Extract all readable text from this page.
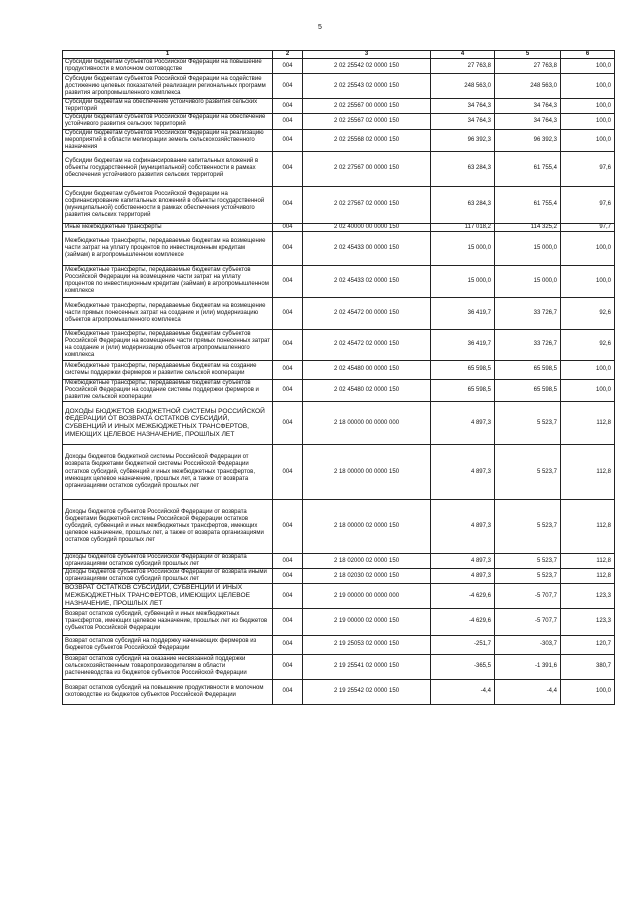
5
1	2	3	4	5	6
Субсидии бюджетам субъектов Российской Федерации на повышение продуктивности в молочном скотоводстве	004	2 02 25542 02 0000 150	27 763,8	27 763,8	100,0
Субсидии бюджетам субъектов Российской Федерации на содействие достижению целевых показателей реализации региональных программ развития агропромышленного комплекса	004	2 02 25543 02 0000 150	248 563,0	248 563,0	100,0
Субсидии бюджетам на обеспечение устойчивого развития сельских территорий	004	2 02 25567 00 0000 150	34 764,3	34 764,3	100,0
Субсидии бюджетам субъектов Российской Федерации на обеспечение устойчивого развития сельских территорий	004	2 02 25567 02 0000 150	34 764,3	34 764,3	100,0
Субсидии бюджетам субъектов Российской Федерации на реализацию мероприятий в области мелиорации земель сельскохозяйственного назначения	004	2 02 25568 02 0000 150	96 392,3	96 392,3	100,0
Субсидии бюджетам на софинансирование капитальных вложений в объекты государственной (муниципальной) собственности в рамках обеспечения устойчивого развития сельских территорий	004	2 02 27567 00 0000 150	63 284,3	61 755,4	97,6
Субсидии бюджетам субъектов Российской Федерации на софинансирование капитальных вложений в объекты государственной (муниципальной) собственности в рамках обеспечения устойчивого развития сельских территорий	004	2 02 27567 02 0000 150	63 284,3	61 755,4	97,6
Иные межбюджетные трансферты	004	2 02 40000 00 0000 150	117 018,2	114 325,2	97,7
Межбюджетные трансферты, передаваемые бюджетам на возмещение части затрат на уплату процентов по инвестиционным кредитам (займам) в агропромышленном комплексе	004	2 02 45433 00 0000 150	15 000,0	15 000,0	100,0
Межбюджетные трансферты, передаваемые бюджетам субъектов Российской Федерации на возмещение части затрат на уплату процентов по инвестиционным кредитам (займам) в агропромышленном комплексе	004	2 02 45433 02 0000 150	15 000,0	15 000,0	100,0
Межбюджетные трансферты, передаваемые бюджетам на возмещение части прямых понесенных затрат на создание и (или) модернизацию объектов агропромышленного комплекса	004	2 02 45472 00 0000 150	36 419,7	33 726,7	92,6
Межбюджетные трансферты, передаваемые бюджетам субъектов Российской Федерации на возмещение части прямых понесенных затрат на создание и (или) модернизацию объектов агропромышленного комплекса	004	2 02 45472 02 0000 150	36 419,7	33 726,7	92,6
Межбюджетные трансферты, передаваемые бюджетам на создание системы поддержки фермеров и развитие сельской кооперации	004	2 02 45480 00 0000 150	65 598,5	65 598,5	100,0
Межбюджетные трансферты, передаваемые бюджетам субъектов Российской Федерации на создание системы поддержки фермеров и развитие сельской кооперации	004	2 02 45480 02 0000 150	65 598,5	65 598,5	100,0
ДОХОДЫ БЮДЖЕТОВ БЮДЖЕТНОЙ СИСТЕМЫ РОССИЙСКОЙ ФЕДЕРАЦИИ ОТ ВОЗВРАТА ОСТАТКОВ СУБСИДИЙ, СУБВЕНЦИЙ И ИНЫХ МЕЖБЮДЖЕТНЫХ ТРАНСФЕРТОВ, ИМЕЮЩИХ ЦЕЛЕВОЕ НАЗНАЧЕНИЕ, ПРОШЛЫХ ЛЕТ	004	2 18 00000 00 0000 000	4 897,3	5 523,7	112,8
Доходы бюджетов бюджетной системы Российской Федерации от возврата бюджетами бюджетной системы Российской Федерации остатков субсидий, субвенций и иных межбюджетных трансфертов, имеющих целевое назначение, прошлых лет, а также от возврата организациями остатков субсидий прошлых лет	004	2 18 00000 00 0000 150	4 897,3	5 523,7	112,8
Доходы бюджетов субъектов Российской Федерации от возврата бюджетами бюджетной системы Российской Федерации остатков субсидий, субвенций и иных межбюджетных трансфертов, имеющих целевое назначение, прошлых лет, а также от возврата организациями остатков субсидий прошлых лет	004	2 18 00000 02 0000 150	4 897,3	5 523,7	112,8
Доходы бюджетов субъектов Российской Федерации от возврата организациями остатков субсидий прошлых лет	004	2 18 02000 02 0000 150	4 897,3	5 523,7	112,8
Доходы бюджетов субъектов Российской Федерации от возврата иными организациями остатков субсидий прошлых лет	004	2 18 02030 02 0000 150	4 897,3	5 523,7	112,8
ВОЗВРАТ ОСТАТКОВ СУБСИДИЙ, СУБВЕНЦИЙ И ИНЫХ МЕЖБЮДЖЕТНЫХ ТРАНСФЕРТОВ, ИМЕЮЩИХ ЦЕЛЕВОЕ НАЗНАЧЕНИЕ, ПРОШЛЫХ ЛЕТ	004	2 19 00000 00 0000 000	-4 629,6	-5 707,7	123,3
Возврат остатков субсидий, субвенций и иных межбюджетных трансфертов, имеющих целевое назначение, прошлых лет из бюджетов субъектов Российской Федерации	004	2 19 00000 02 0000 150	-4 629,6	-5 707,7	123,3
Возврат остатков субсидий на поддержку начинающих фермеров из бюджетов субъектов Российской Федерации	004	2 19 25053 02 0000 150	-251,7	-303,7	120,7
Возврат остатков субсидий на оказание несвязанной поддержки сельскохозяйственным товаропроизводителям в области растениеводства из бюджетов субъектов Российской Федерации	004	2 19 25541 02 0000 150	-365,5	-1 391,6	380,7
Возврат остатков субсидий на повышение продуктивности в молочном скотоводстве из бюджетов субъектов Российской Федерации	004	2 19 25542 02 0000 150	-4,4	-4,4	100,0
